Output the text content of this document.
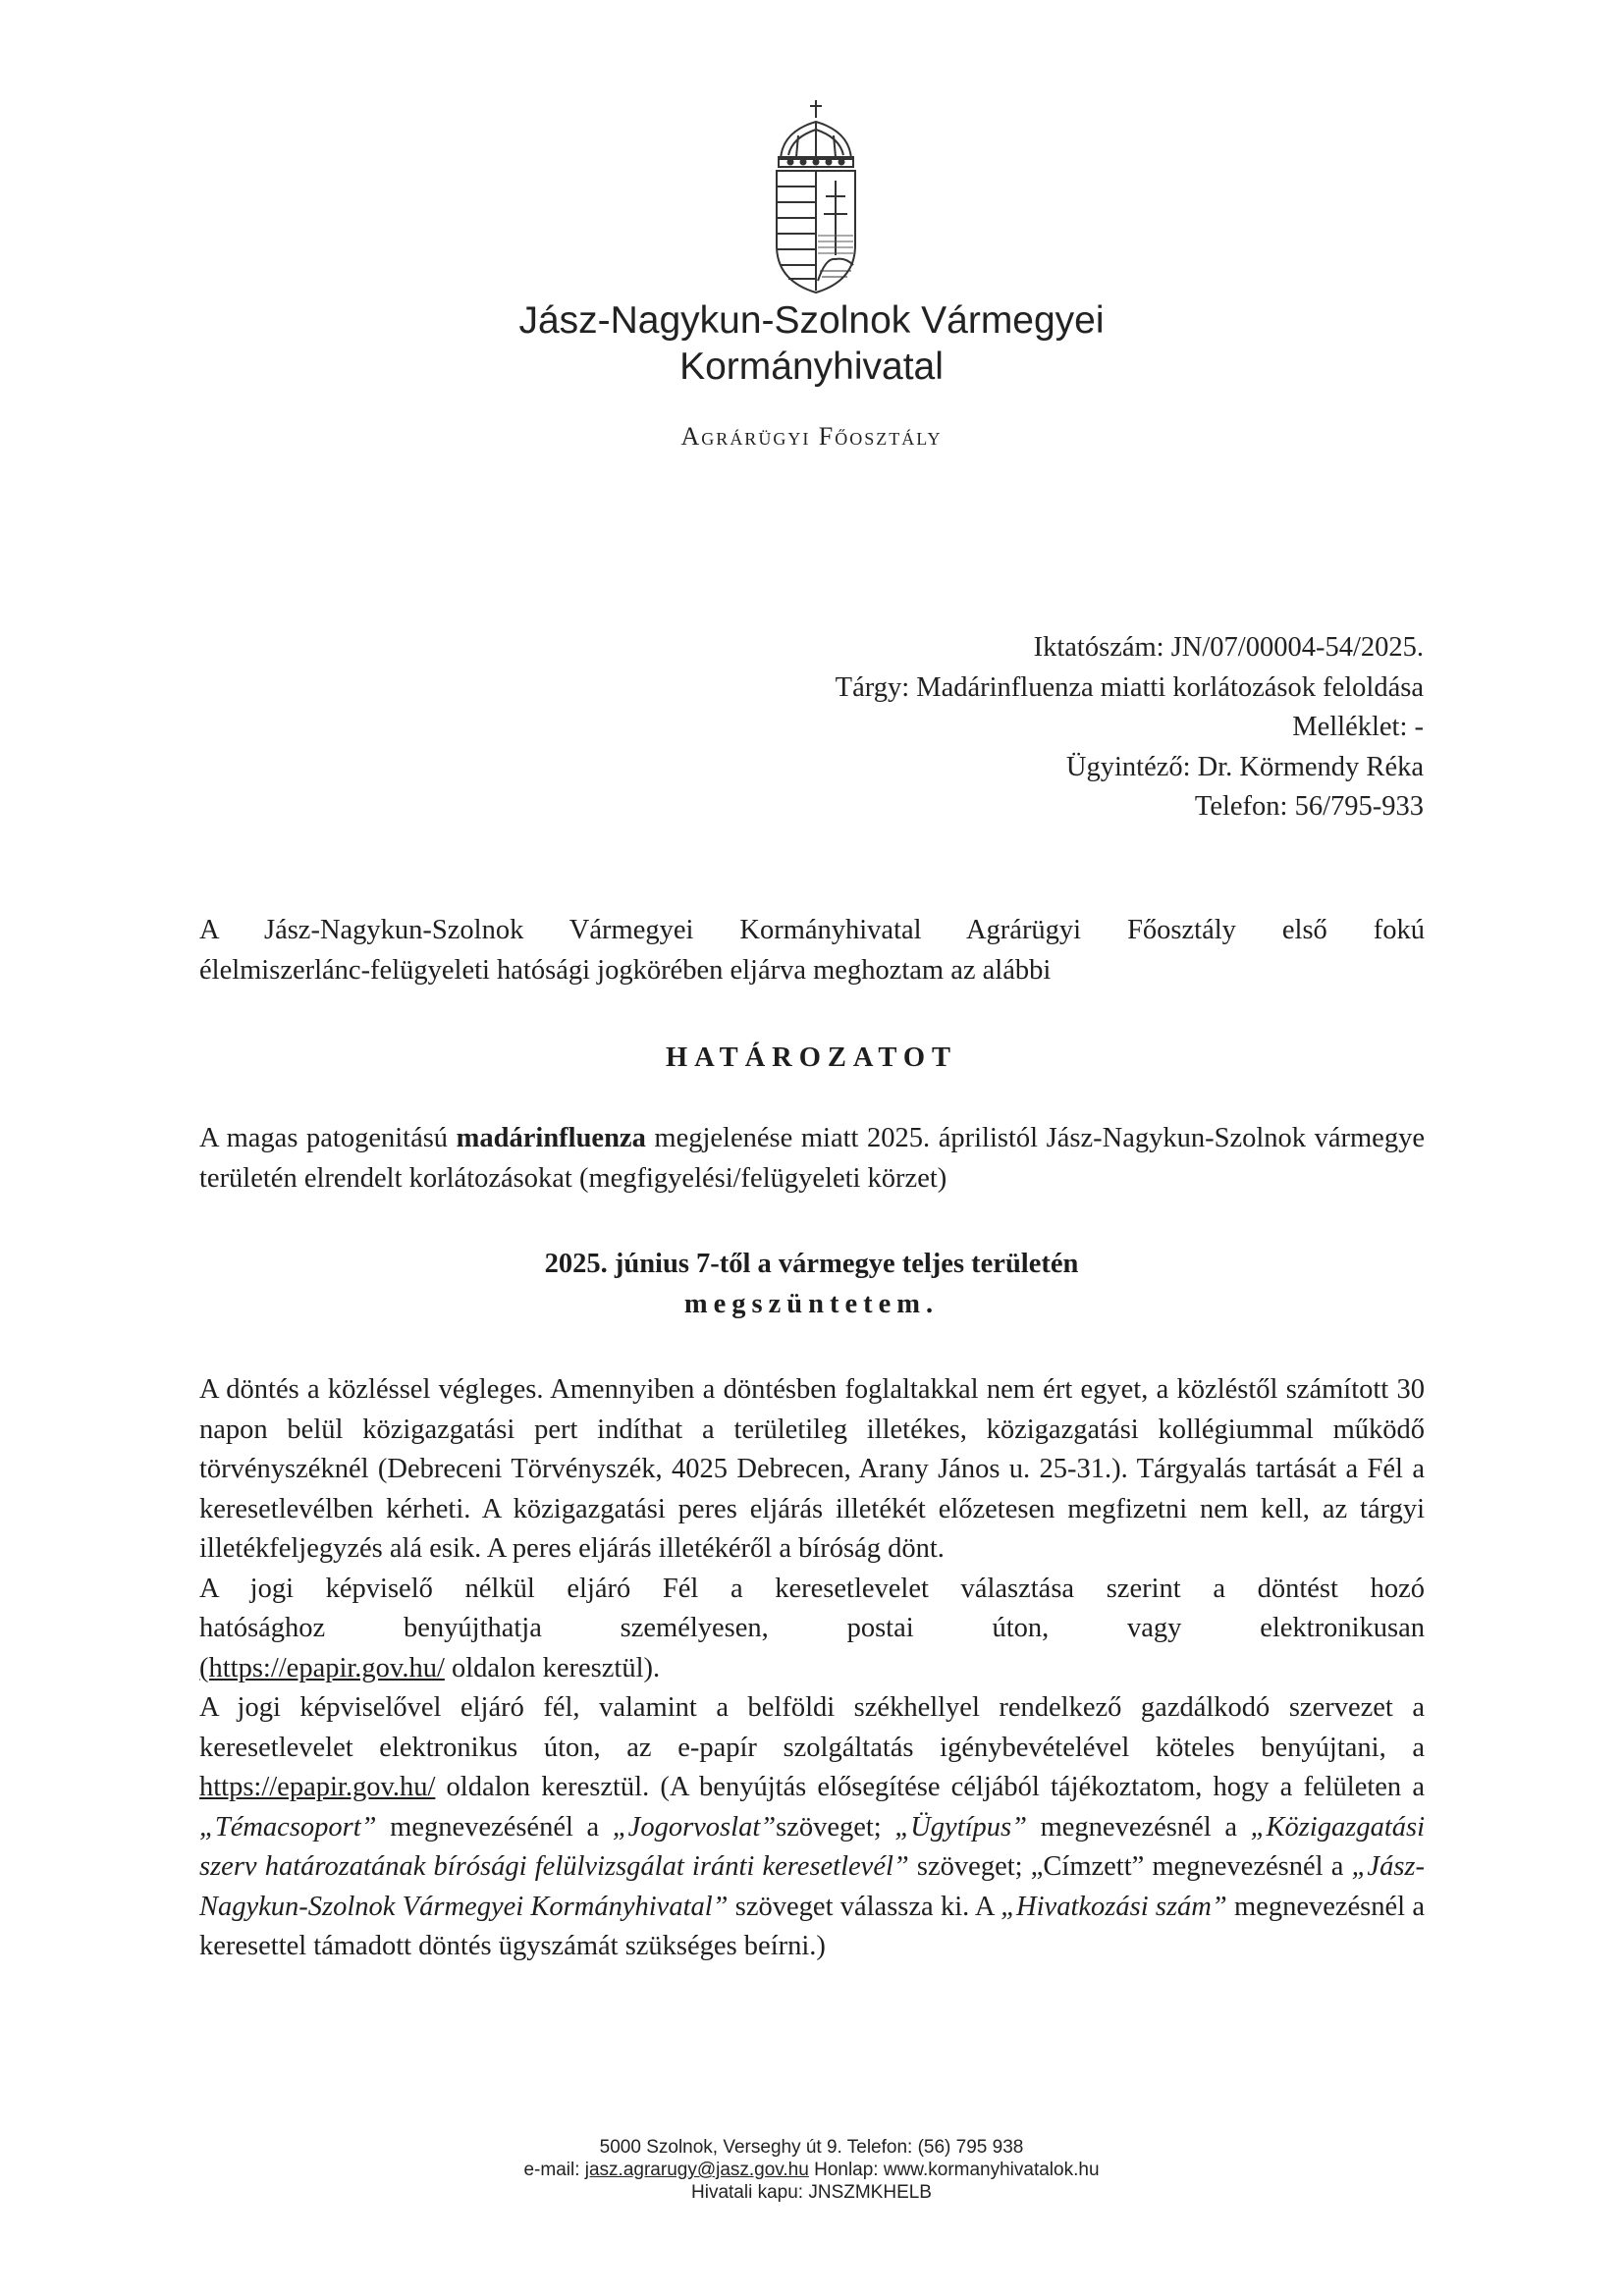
Jász-Nagykun-Szolnok Vármegyei
Kormányhivatal
Agrárügyi Főosztály
Iktatószám: JN/07/00004-54/2025.
Tárgy: Madárinfluenza miatti korlátozások feloldása
Melléklet: -
Ügyintéző: Dr. Körmendy Réka
Telefon: 56/795-933
A Jász-Nagykun-Szolnok Vármegyei Kormányhivatal Agrárügyi Főosztály első fokú
élelmiszerlánc-felügyeleti hatósági jogkörében eljárva meghoztam az alábbi
HATÁROZATOT
A magas patogenitású madárinfluenza megjelenése miatt 2025. áprilistól Jász-Nagykun-Szolnok vármegye területén elrendelt korlátozásokat (megfigyelési/felügyeleti körzet)
2025. június 7-től a vármegye teljes területén
megszüntetem.

A döntés a közléssel végleges. Amennyiben a döntésben foglaltakkal nem ért egyet, a közléstől számított 30 napon belül közigazgatási pert indíthat a területileg illetékes, közigazgatási kollégiummal működő törvényszéknél (Debreceni Törvényszék, 4025 Debrecen, Arany János u. 25-31.). Tárgyalás tartását a Fél a keresetlevélben kérheti. A közigazgatási peres eljárás illetékét előzetesen megfizetni nem kell, az tárgyi illetékfeljegyzés alá esik. A peres eljárás illetékéről a bíróság dönt.

A jogi képviselő nélkül eljáró Fél a keresetlevelet választása szerint a döntést hozó
hatósághoz benyújthatja személyesen, postai úton, vagy elektronikusan
(https://epapir.gov.hu/ oldalon keresztül).

A jogi képviselővel eljáró fél, valamint a belföldi székhellyel rendelkező gazdálkodó szervezet a keresetlevelet elektronikus úton, az e-papír szolgáltatás igénybevételével köteles benyújtani, a https://epapir.gov.hu/ oldalon keresztül. (A benyújtás elősegítése céljából tájékoztatom, hogy a felületen a „Témacsoport” megnevezésénél a „Jogorvoslat”szöveget; „Ügytípus” megnevezésnél a „Közigazgatási szerv határozatának bírósági felülvizsgálat iránti keresetlevél” szöveget; „Címzett” megnevezésnél a „Jász-Nagykun-Szolnok Vármegyei Kormányhivatal” szöveget válassza ki. A „Hivatkozási szám” megnevezésnél a keresettel támadott döntés ügyszámát szükséges beírni.)

5000 Szolnok, Verseghy út 9. Telefon: (56) 795 938
e-mail: jasz.agrarugy@jasz.gov.hu Honlap: www.kormanyhivatalok.hu
Hivatali kapu: JNSZMKHELB
